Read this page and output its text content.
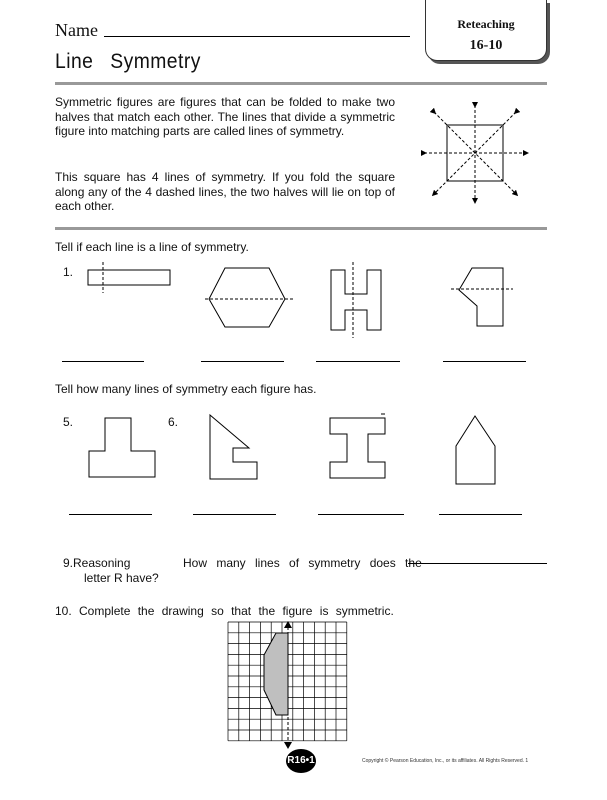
Name	Reteaching
16-10
Line Symmetry
Symmetric figures are figures that can be folded to make two halves that match each other. The lines that divide a symmetric figure into matching parts are called lines of symmetry.
This square has 4 lines of symmetry. If you fold the square along any of the 4 dashed lines, the two halves will lie on top of each other.
Tell if each line is a line of symmetry.
1.
Tell how many lines of symmetry each figure has.
5.	6.
9.Reasoning	How many lines of symmetry does the
letter R have?
10. Complete the drawing so that the figure is symmetric.
R16•1	Copyright © Pearson Education, Inc., or its affiliates. All Rights Reserved. 1
